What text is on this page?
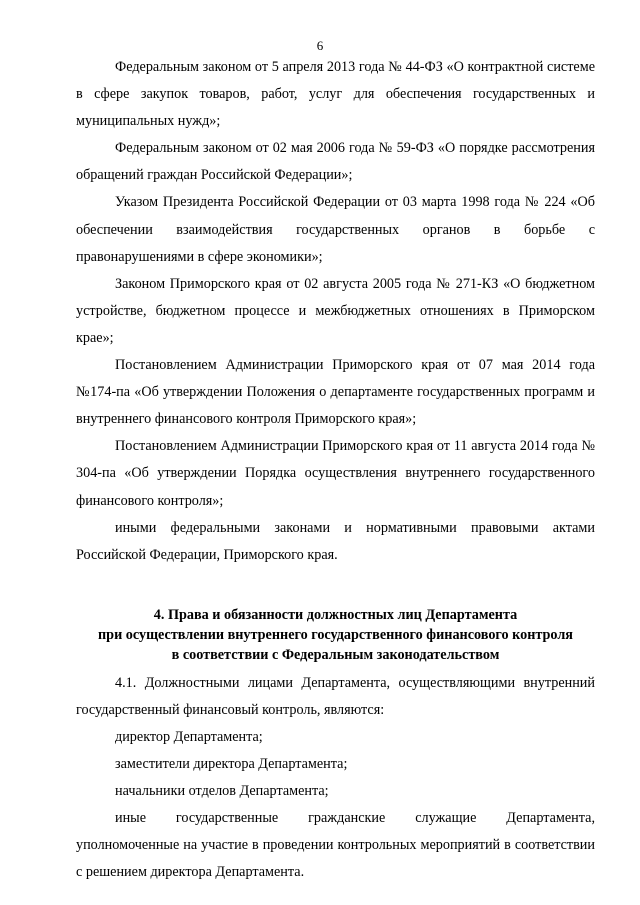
6

Федеральным законом от 5 апреля 2013 года № 44-ФЗ «О контрактной системе в сфере закупок товаров, работ, услуг для обеспечения государственных и муниципальных нужд»;

Федеральным законом от 02 мая 2006 года № 59-ФЗ «О порядке рассмотрения обращений граждан Российской Федерации»;

Указом Президента Российской Федерации от 03 марта 1998 года № 224 «Об обеспечении взаимодействия государственных органов в борьбе с правонарушениями в сфере экономики»;

Законом Приморского края от 02 августа 2005 года № 271-КЗ «О бюджетном устройстве, бюджетном процессе и межбюджетных отношениях в Приморском крае»;

Постановлением Администрации Приморского края от 07 мая 2014 года №174-па «Об утверждении Положения о департаменте государственных программ и внутреннего финансового контроля Приморского края»;

Постановлением Администрации Приморского края от 11 августа 2014 года № 304-па «Об утверждении Порядка осуществления внутреннего государственного финансового контроля»;

иными федеральными законами и нормативными правовыми актами Российской Федерации, Приморского края.

4. Права и обязанности должностных лиц Департамента
при осуществлении внутреннего государственного финансового контроля
в соответствии с Федеральным законодательством

4.1. Должностными лицами Департамента, осуществляющими внутренний государственный финансовый контроль, являются:

директор Департамента;

заместители директора Департамента;

начальники отделов Департамента;

иные государственные гражданские служащие Департамента, уполномоченные на участие в проведении контрольных мероприятий в соответствии с решением директора Департамента.
